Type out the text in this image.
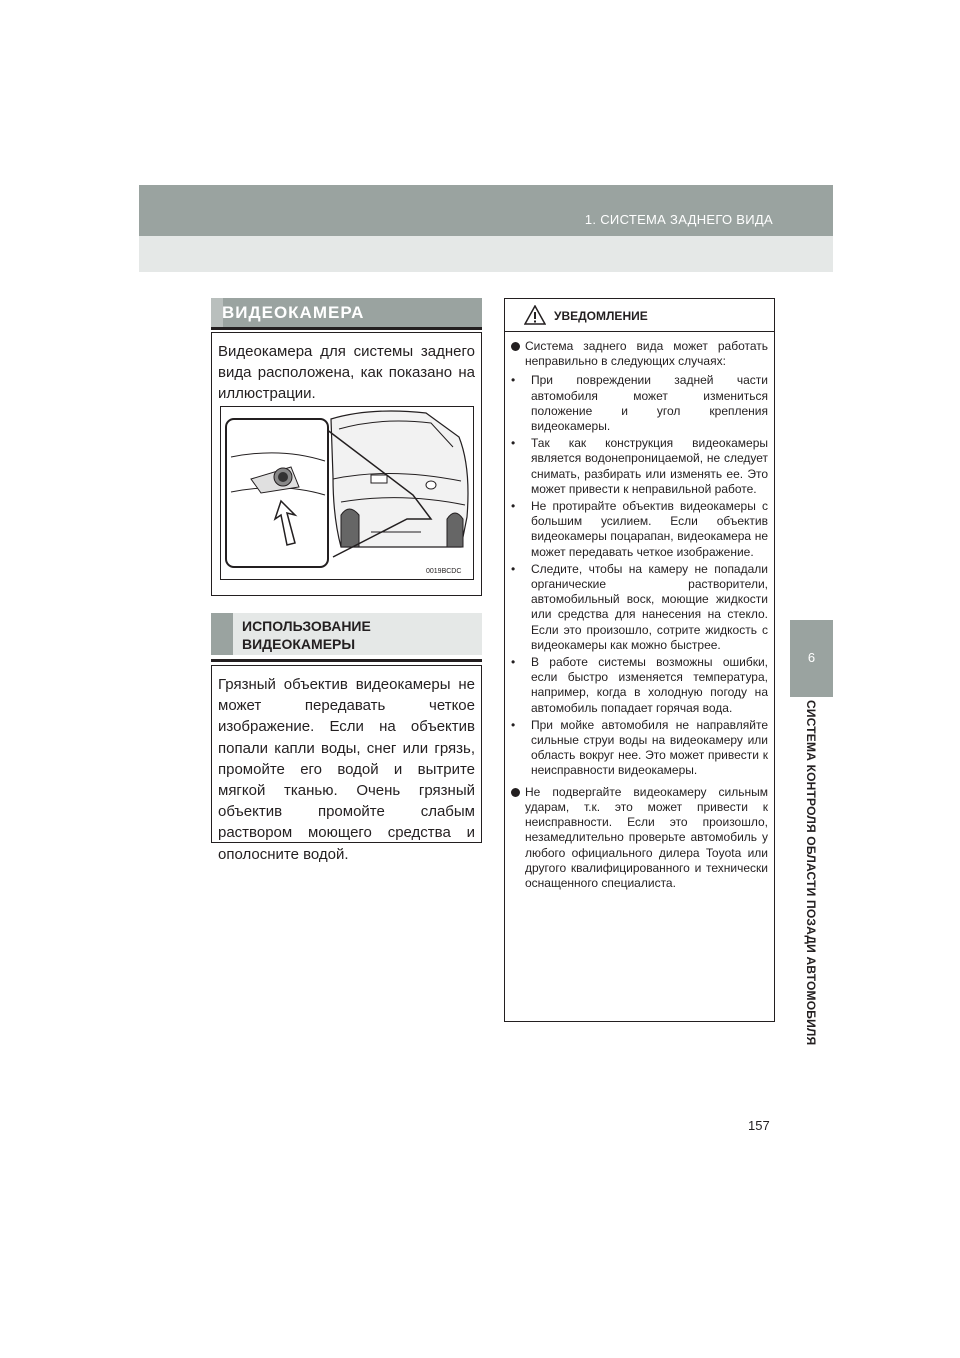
1. СИСТЕМА ЗАДНЕГО ВИДА
6
СИСТЕМА КОНТРОЛЯ ОБЛАСТИ ПОЗАДИ АВТОМОБИЛЯ
ВИДЕОКАМЕРА
Видеокамера для системы заднего вида расположена, как показано на иллюстрации.
0019BCDC
ИСПОЛЬЗОВАНИЕ
ВИДЕОКАМЕРЫ
Грязный объектив видеокамеры не может передавать четкое изображение. Если на объектив попали капли воды, снег или грязь, промойте его водой и вытрите мягкой тканью. Очень грязный объектив промойте слабым раствором моющего средства и ополосните водой.
УВЕДОМЛЕНИЕ
Система заднего вида может работать неправильно в следующих случаях:
• При повреждении задней части автомобиля может измениться положение и угол крепления видеокамеры.
• Так как конструкция видеокамеры является водонепроницаемой, не следует снимать, разбирать или изменять ее. Это может привести к неправильной работе.
• Не протирайте объектив видеокамеры с большим усилием. Если объектив видеокамеры поцарапан, видеокамера не может передавать четкое изображение.
• Следите, чтобы на камеру не попадали органические растворители, автомобильный воск, моющие жидкости или средства для нанесения на стекло. Если это произошло, сотрите жидкость с видеокамеры как можно быстрее.
• В работе системы возможны ошибки, если быстро изменяется температура, например, когда в холодную погоду на автомобиль попадает горячая вода.
• При мойке автомобиля не направляйте сильные струи воды на видеокамеру или область вокруг нее. Это может привести к неисправности видеокамеры.
Не подвергайте видеокамеру сильным ударам, т.к. это может привести к неисправности. Если это произошло, незамедлительно проверьте автомобиль у любого официального дилера Toyota или другого квалифицированного и технически оснащенного специалиста.
157
